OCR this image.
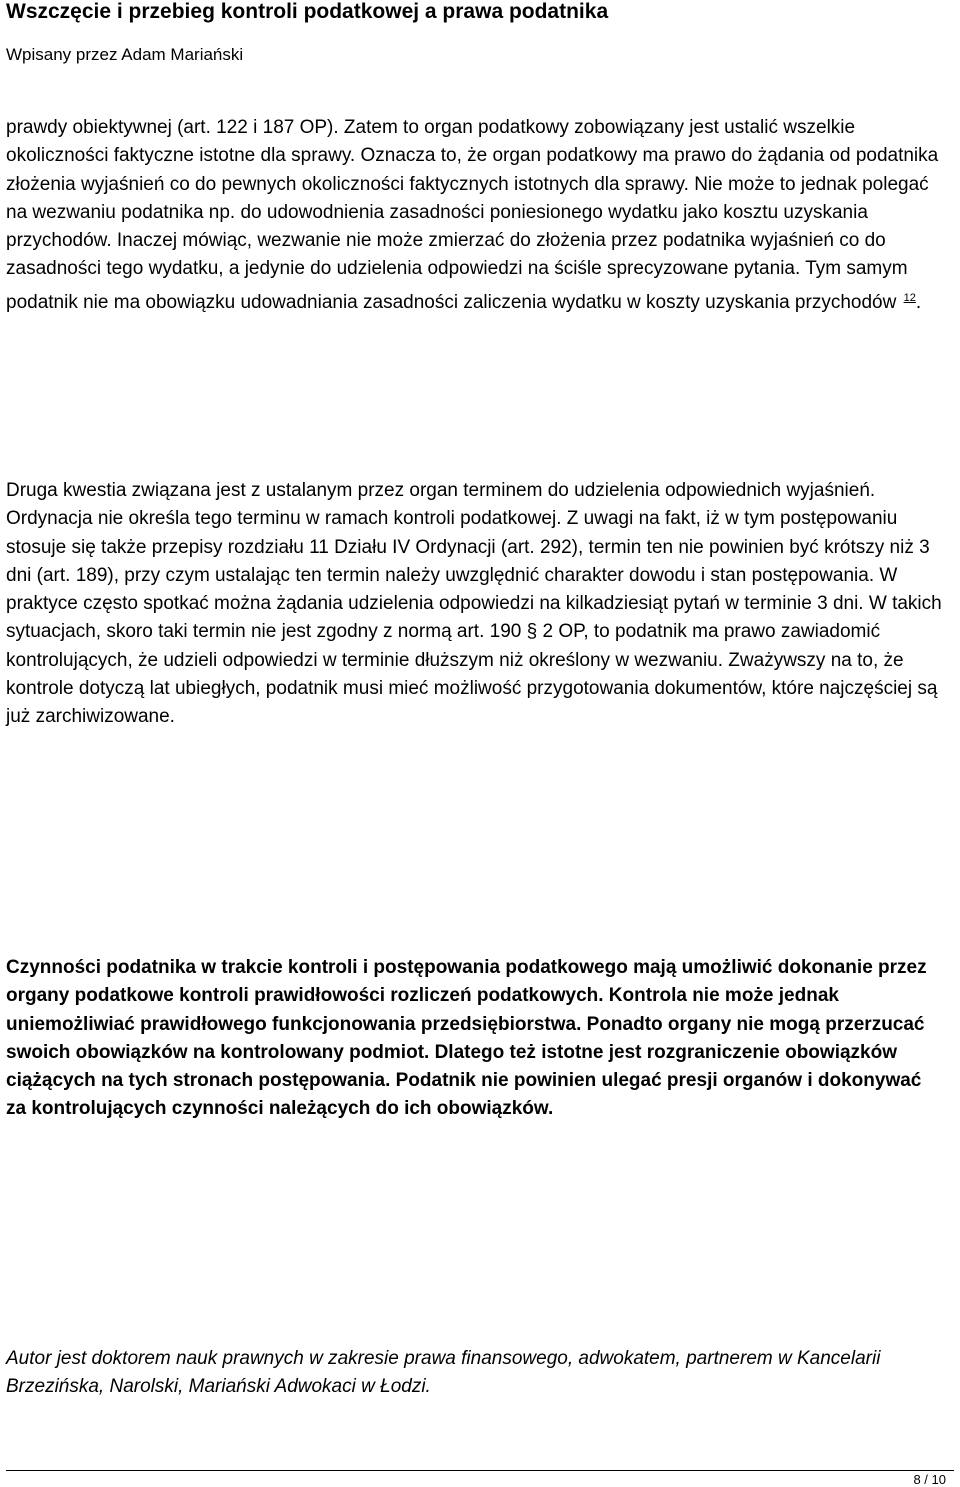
Wszczęcie i przebieg kontroli podatkowej a prawa podatnika
Wpisany przez Adam Mariański

prawdy obiektywnej (art. 122 i 187 OP). Zatem to organ podatkowy zobowiązany jest ustalić wszelkie okoliczności faktyczne istotne dla sprawy. Oznacza to, że organ podatkowy ma prawo do żądania od podatnika złożenia wyjaśnień co do pewnych okoliczności faktycznych istotnych dla sprawy. Nie może to jednak polegać na wezwaniu podatnika np. do udowodnienia zasadności poniesionego wydatku jako kosztu uzyskania przychodów. Inaczej mówiąc, wezwanie nie może zmierzać do złożenia przez podatnika wyjaśnień co do zasadności tego wydatku, a jedynie do udzielenia odpowiedzi na ściśle sprecyzowane pytania. Tym samym podatnik nie ma obowiązku udowadniania zasadności zaliczenia wydatku w koszty uzyskania przychodów $^{12}$.

Druga kwestia związana jest z ustalanym przez organ terminem do udzielenia odpowiednich wyjaśnień. Ordynacja nie określa tego terminu w ramach kontroli podatkowej. Z uwagi na fakt, iż w tym postępowaniu stosuje się także przepisy rozdziału 11 Działu IV Ordynacji (art. 292), termin ten nie powinien być krótszy niż 3 dni (art. 189), przy czym ustalając ten termin należy uwzględnić charakter dowodu i stan postępowania. W praktyce często spotkać można żądania udzielenia odpowiedzi na kilkadziesiąt pytań w terminie 3 dni. W takich sytuacjach, skoro taki termin nie jest zgodny z normą art. 190 § 2 OP, to podatnik ma prawo zawiadomić kontrolujących, że udzieli odpowiedzi w terminie dłuższym niż określony w wezwaniu. Zważywszy na to, że kontrole dotyczą lat ubiegłych, podatnik musi mieć możliwość przygotowania dokumentów, które najczęściej są już zarchiwizowane.

Czynności podatnika w trakcie kontroli i postępowania podatkowego mają umożliwić dokonanie przez organy podatkowe kontroli prawidłowości rozliczeń podatkowych. Kontrola nie może jednak uniemożliwiać prawidłowego funkcjonowania przedsiębiorstwa. Ponadto organy nie mogą przerzucać swoich obowiązków na kontrolowany podmiot. Dlatego też istotne jest rozgraniczenie obowiązków ciążących na tych stronach postępowania. Podatnik nie powinien ulegać presji organów i dokonywać za kontrolujących czynności należących do ich obowiązków.

Autor jest doktorem nauk prawnych w zakresie prawa finansowego, adwokatem, partnerem w Kancelarii Brzezińska, Narolski, Mariański Adwokaci w Łodzi.

8 / 10
